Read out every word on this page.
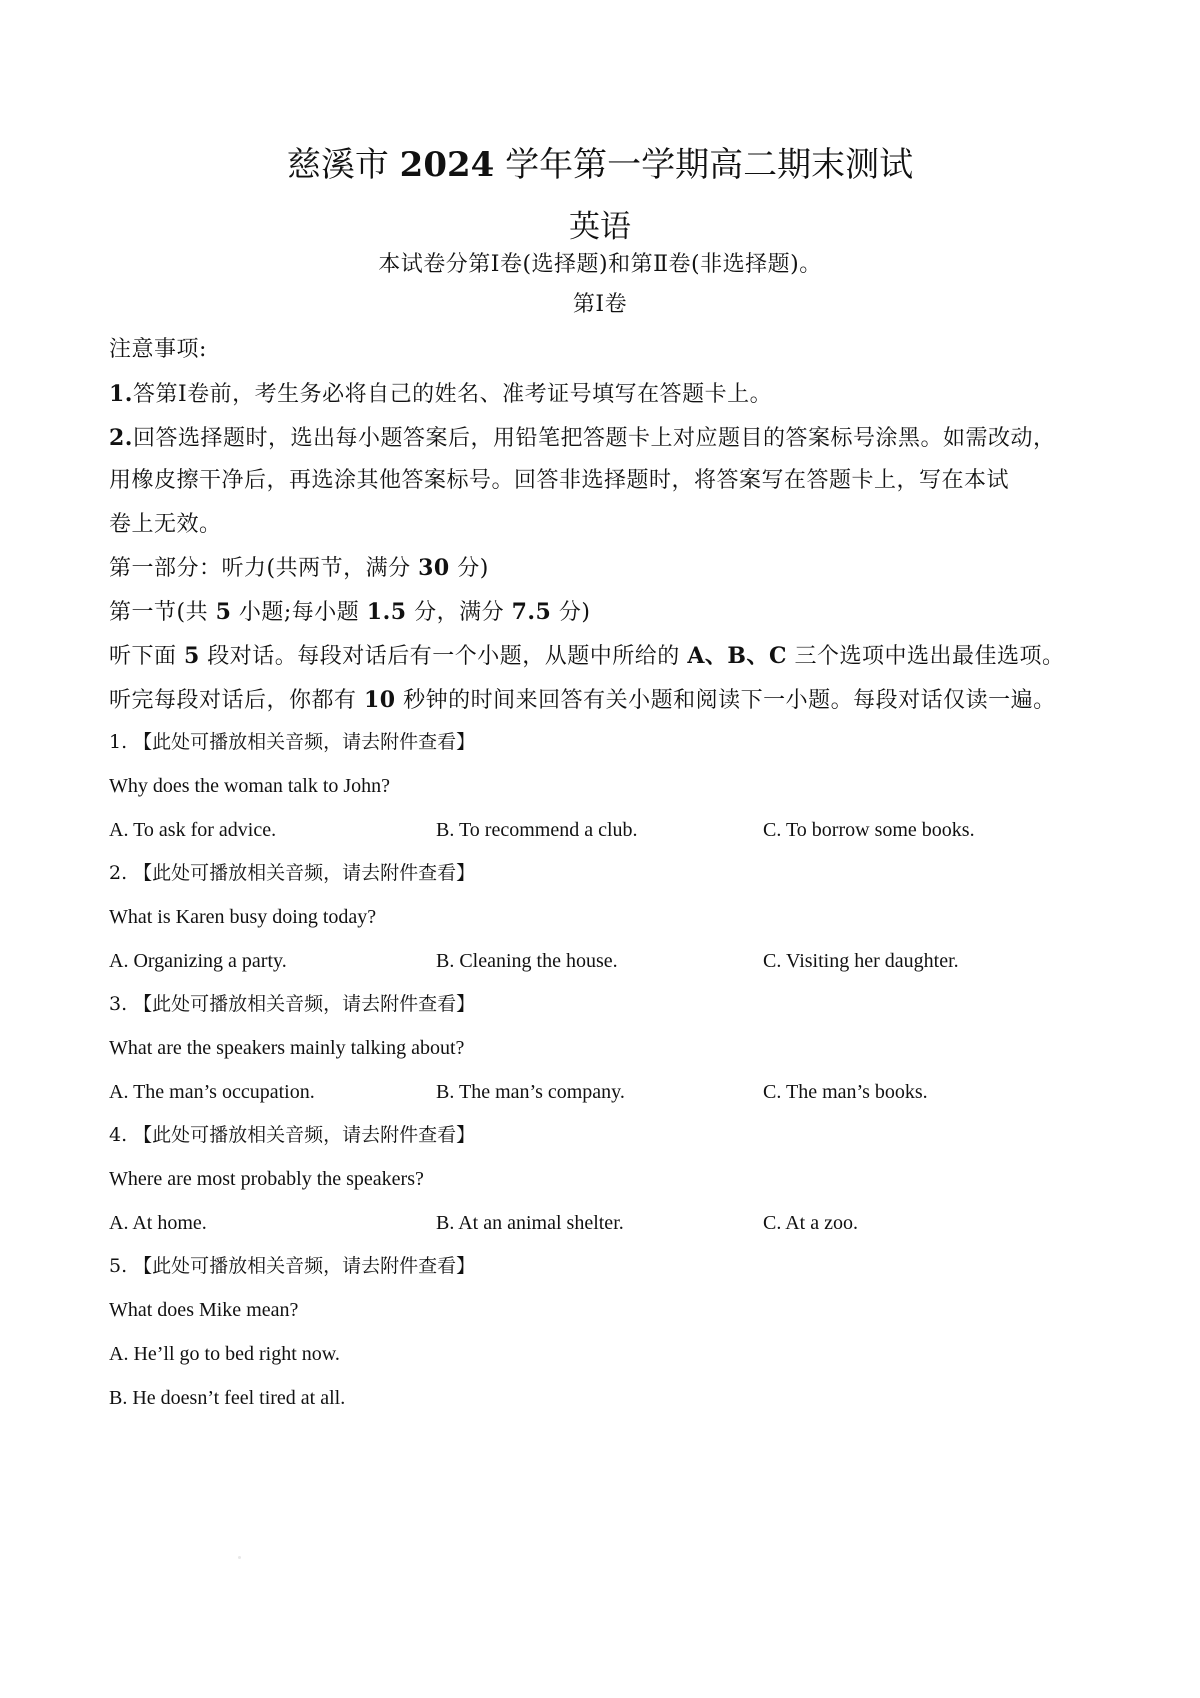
慈溪市 2024 学年第一学期高二期末测试
英语
本试卷分第Ⅰ卷(选择题)和第Ⅱ卷(非选择题)。
第Ⅰ卷
注意事项:
1.答第Ⅰ卷前，考生务必将自己的姓名、准考证号填写在答题卡上。
2.回答选择题时，选出每小题答案后，用铅笔把答题卡上对应题目的答案标号涂黑。如需改动，
用橡皮擦干净后，再选涂其他答案标号。回答非选择题时，将答案写在答题卡上，写在本试
卷上无效。
第一部分：听力(共两节，满分 30 分)
第一节(共 5 小题;每小题 1.5 分，满分 7.5 分)
听下面 5 段对话。每段对话后有一个小题，从题中所给的 A、B、C 三个选项中选出最佳选项。
听完每段对话后，你都有 10 秒钟的时间来回答有关小题和阅读下一小题。每段对话仅读一遍。
1. 【此处可播放相关音频，请去附件查看】
Why does the woman talk to John?
A. To ask for advice.	B. To recommend a club.	C. To borrow some books.
2. 【此处可播放相关音频，请去附件查看】
What is Karen busy doing today?
A. Organizing a party.	B. Cleaning the house.	C. Visiting her daughter.
3. 【此处可播放相关音频，请去附件查看】
What are the speakers mainly talking about?
A. The man’s occupation.	B. The man’s company.	C. The man’s books.
4. 【此处可播放相关音频，请去附件查看】
Where are most probably the speakers?
A. At home.	B. At an animal shelter.	C. At a zoo.
5. 【此处可播放相关音频，请去附件查看】
What does Mike mean?
A. He’ll go to bed right now.
B. He doesn’t feel tired at all.
